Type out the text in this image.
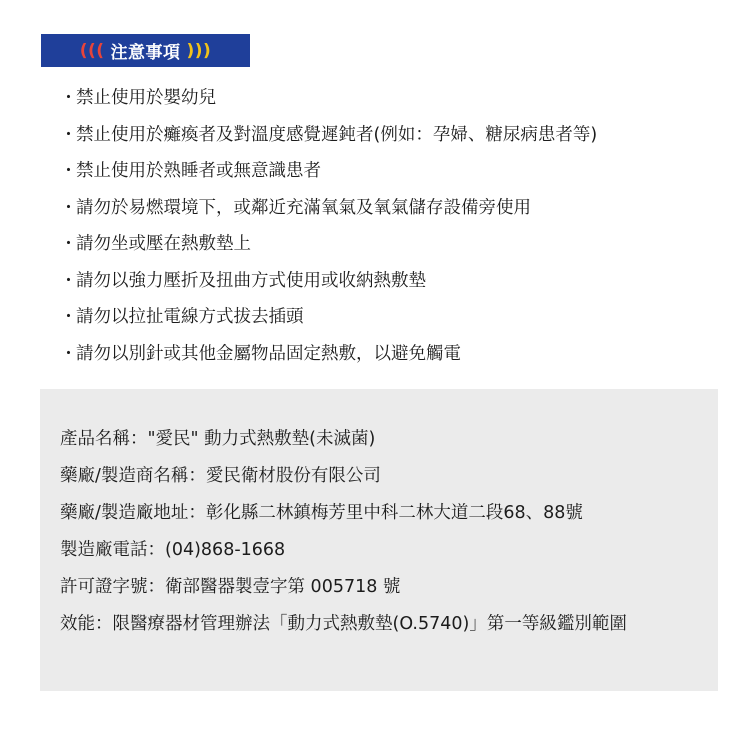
((( 注意事項 )))
・ 禁止使用於嬰幼兒
・ 禁止使用於癱瘓者及對溫度感覺遲鈍者(例如：孕婦、糖尿病患者等)
・ 禁止使用於熟睡者或無意識患者
・ 請勿於易燃環境下，或鄰近充滿氧氣及氧氣儲存設備旁使用
・ 請勿坐或壓在熱敷墊上
・ 請勿以強力壓折及扭曲方式使用或收納熱敷墊
・ 請勿以拉扯電線方式拔去插頭
・ 請勿以別針或其他金屬物品固定熱敷，以避免觸電
產品名稱："愛民" 動力式熱敷墊(未滅菌)
藥廠/製造商名稱：愛民衛材股份有限公司
藥廠/製造廠地址：彰化縣二林鎮梅芳里中科二林大道二段68、88號
製造廠電話：(04)868-1668
許可證字號：衛部醫器製壹字第 005718 號
效能：限醫療器材管理辦法「動力式熱敷墊(O.5740)」第一等級鑑別範圍
